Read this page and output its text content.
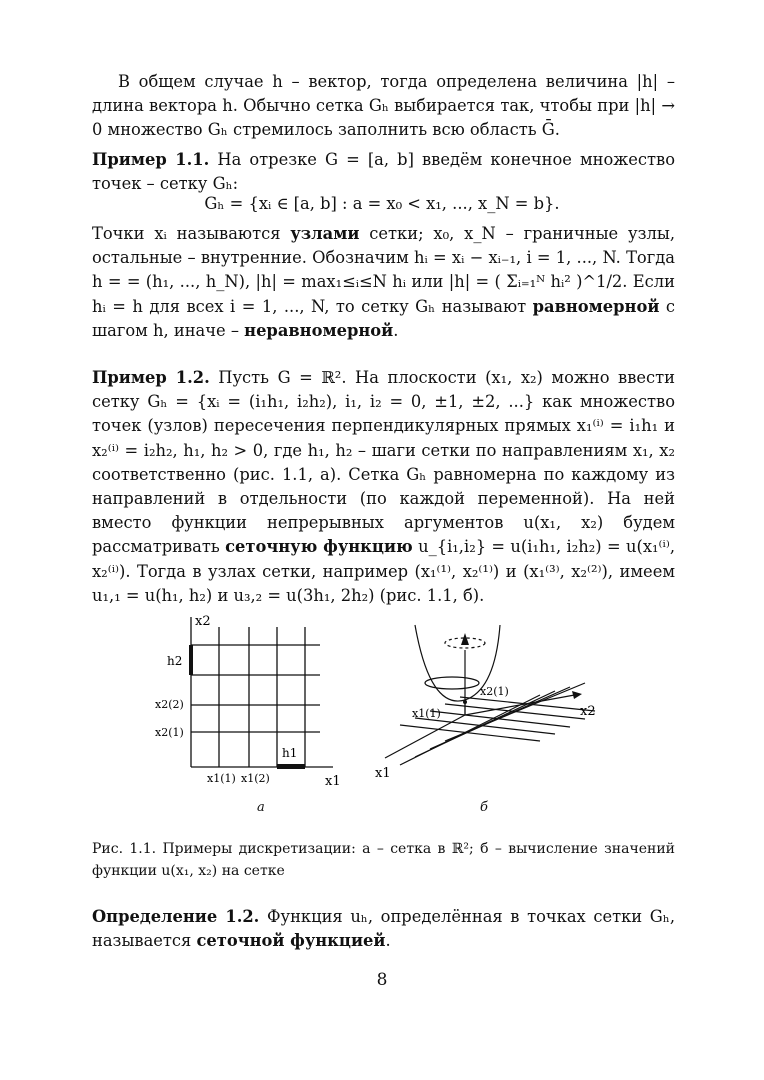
В общем случае h – вектор, тогда определена величина |h| – длина вектора h. Обычно сетка Gₕ выбирается так, чтобы при |h| → 0 множество Gₕ стремилось заполнить всю область Ḡ.

Пример 1.1. На отрезке G = [a, b] введём конечное множество точек – сетку Gₕ:

Gₕ = {xᵢ ∈ [a, b] : a = x₀ < x₁, ..., x_N = b}.

Точки xᵢ называются узлами сетки; x₀, x_N – граничные узлы, остальные – внутренние. Обозначим hᵢ = xᵢ − xᵢ₋₁, i = 1, ..., N. Тогда h = = (h₁, ..., h_N), |h| = max₁≤ᵢ≤N hᵢ или |h| = ( Σᵢ₌₁ᴺ hᵢ² )^1/2. Если hᵢ = h для всех i = 1, ..., N, то сетку Gₕ называют равномерной с шагом h, иначе – неравномерной.

Пример 1.2. Пусть G = ℝ². На плоскости (x₁, x₂) можно ввести сетку Gₕ = {xᵢ = (i₁h₁, i₂h₂), i₁, i₂ = 0, ±1, ±2, ...} как множество точек (узлов) пересечения перпендикулярных прямых x₁⁽ⁱ⁾ = i₁h₁ и x₂⁽ⁱ⁾ = i₂h₂, h₁, h₂ > 0, где h₁, h₂ – шаги сетки по направлениям x₁, x₂ соответственно (рис. 1.1, а). Сетка Gₕ равномерна по каждому из направлений в отдельности (по каждой переменной). На ней вместо функции непрерывных аргументов u(x₁, x₂) будем рассматривать сеточную функцию u_{i₁,i₂} = u(i₁h₁, i₂h₂) = u(x₁⁽ⁱ⁾, x₂⁽ⁱ⁾). Тогда в узлах сетки, например (x₁⁽¹⁾, x₂⁽¹⁾) и (x₁⁽³⁾, x₂⁽²⁾), имеем u₁,₁ = u(h₁, h₂) и u₃,₂ = u(3h₁, 2h₂) (рис. 1.1, б).

x2
x1
h2
h1
x2(2)
x2(1)
x1(1) x1(2)
а
x2
x1
x2(1)
x1(1)
б

Рис. 1.1. Примеры дискретизации: а – сетка в ℝ²; б – вычисление значений функции u(x₁, x₂) на сетке

Определение 1.2. Функция uₕ, определённая в точках сетки Gₕ, называется сеточной функцией.

8
